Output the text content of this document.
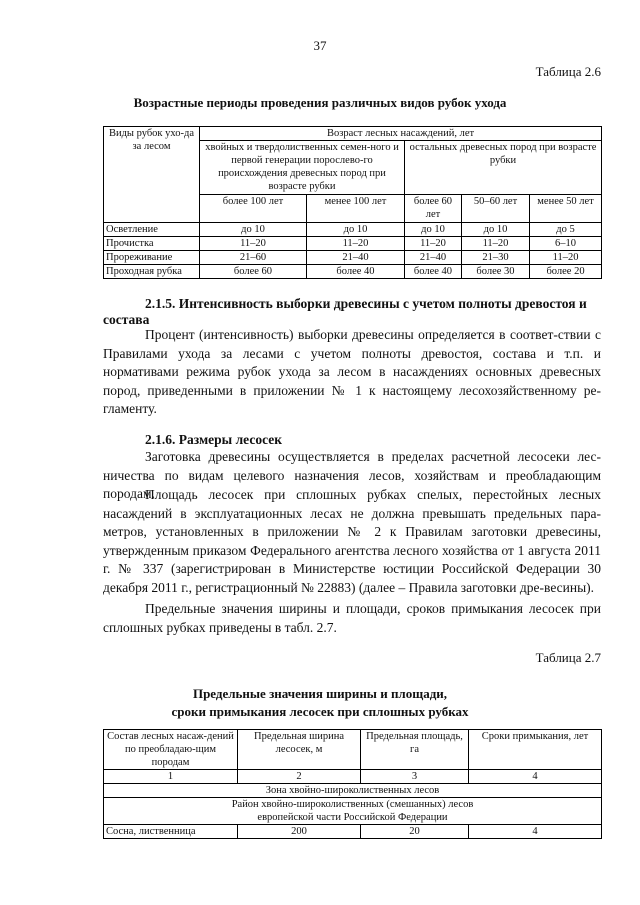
37
Таблица 2.6
Возрастные периоды проведения различных видов рубок ухода
Виды рубок ухо-да за лесом	Возраст лесных насаждений, лет				
	хвойных и твердолиственных семен-ного и первой генерации порослево-го происхождения древесных пород при возрасте рубки		остальных древесных пород при возрасте рубки		
	более 100 лет	менее 100 лет	более 60 лет	50–60 лет	менее 50 лет
Осветление	до 10	до 10	до 10	до 10	до 5
Прочистка	11–20	11–20	11–20	11–20	6–10
Прореживание	21–60	21–40	21–40	21–30	11–20
Проходная рубка	более 60	более 40	более 40	более 30	более 20
2.1.5. Интенсивность выборки древесины с учетом полноты древостоя и состава
Процент (интенсивность) выборки древесины определяется в соответ-ствии с Правилами ухода за лесами с учетом полноты древостоя, состава и т.п. и нормативами режима рубок ухода за лесом в насаждениях основных древесных пород, приведенными в приложении № 1 к настоящему лесохозяйственному ре-гламенту.
2.1.6. Размеры лесосек
Заготовка древесины осуществляется в пределах расчетной лесосеки лес-ничества по видам целевого назначения лесов, хозяйствам и преобладающим породам.
Площадь лесосек при сплошных рубках спелых, перестойных лесных насаждений в эксплуатационных лесах не должна превышать предельных пара-метров, установленных в приложении № 2 к Правилам заготовки древесины, утвержденным приказом Федерального агентства лесного хозяйства от 1 августа 2011 г. № 337 (зарегистрирован в Министерстве юстиции Российской Федерации 30 декабря 2011 г., регистрационный № 22883) (далее – Правила заготовки дре-весины).
Предельные значения ширины и площади, сроков примыкания лесосек при сплошных рубках приведены в табл. 2.7.
Таблица 2.7
Предельные значения ширины и площади,
сроки примыкания лесосек при сплошных рубках
Состав лесных насаж-дений по преобладаю-щим породам	Предельная ширина лесосек, м	Предельная площадь, га	Сроки примыкания, лет
1	2	3	4
Зона хвойно-широколиственных лесов			
Район хвойно-широколиственных (смешанных) лесов европейской части Российской Федерации			
Сосна, лиственница	200	20	4
